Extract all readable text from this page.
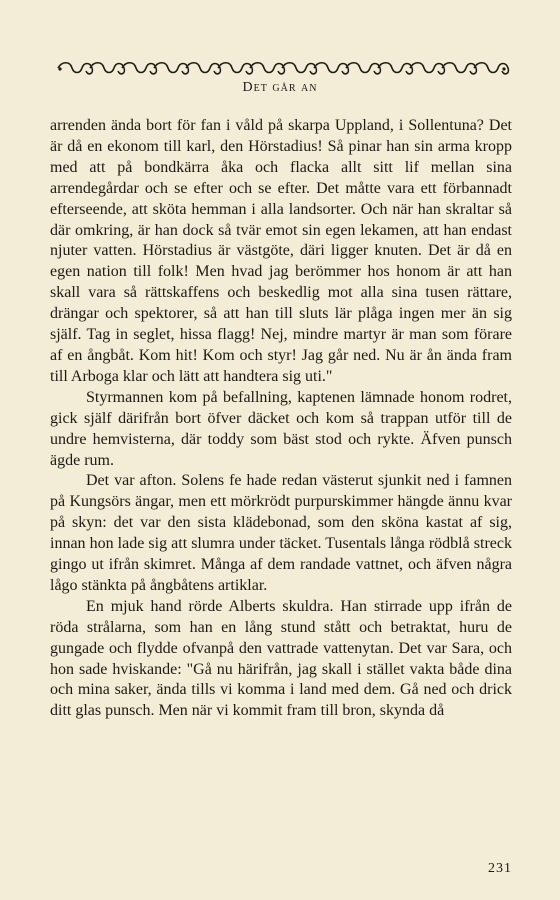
Det går an

arrenden ända bort för fan i våld på skarpa Uppland, i Sollentuna? Det är då en ekonom till karl, den Hörstadius! Så pinar han sin arma kropp med att på bondkärra åka och flacka allt sitt lif mellan sina arrendegårdar och se efter och se efter. Det måtte vara ett förbannadt efterseende, att sköta hemman i alla landsorter. Och när han skraltar så där omkring, är han dock så tvär emot sin egen lekamen, att han endast njuter vatten. Hörstadius är västgöte, däri ligger knuten. Det är då en egen nation till folk! Men hvad jag berömmer hos honom är att han skall vara så rättskaffens och beskedlig mot alla sina tusen rättare, drängar och spektorer, så att han till sluts lär plåga ingen mer än sig själf. Tag in seglet, hissa flagg! Nej, mindre martyr är man som förare af en ångbåt. Kom hit! Kom och styr! Jag går ned. Nu är ån ända fram till Arboga klar och lätt att handtera sig uti."

Styrmannen kom på befallning, kaptenen lämnade honom rodret, gick själf därifrån bort öfver däcket och kom så trappan utför till de undre hemvisterna, där toddy som bäst stod och rykte. Äfven punsch ägde rum.

Det var afton. Solens fe hade redan västerut sjunkit ned i famnen på Kungsörs ängar, men ett mörkrödt purpurskimmer hängde ännu kvar på skyn: det var den sista klädebonad, som den sköna kastat af sig, innan hon lade sig att slumra under täcket. Tusentals långa rödblå streck gingo ut ifrån skimret. Många af dem randade vattnet, och äfven några lågo stänkta på ångbåtens artiklar.

En mjuk hand rörde Alberts skuldra. Han stirrade upp ifrån de röda strålarna, som han en lång stund stått och betraktat, huru de gungade och flydde ofvanpå den vattrade vattenytan. Det var Sara, och hon sade hviskande: "Gå nu härifrån, jag skall i stället vakta både dina och mina saker, ända tills vi komma i land med dem. Gå ned och drick ditt glas punsch. Men när vi kommit fram till bron, skynda då

231
